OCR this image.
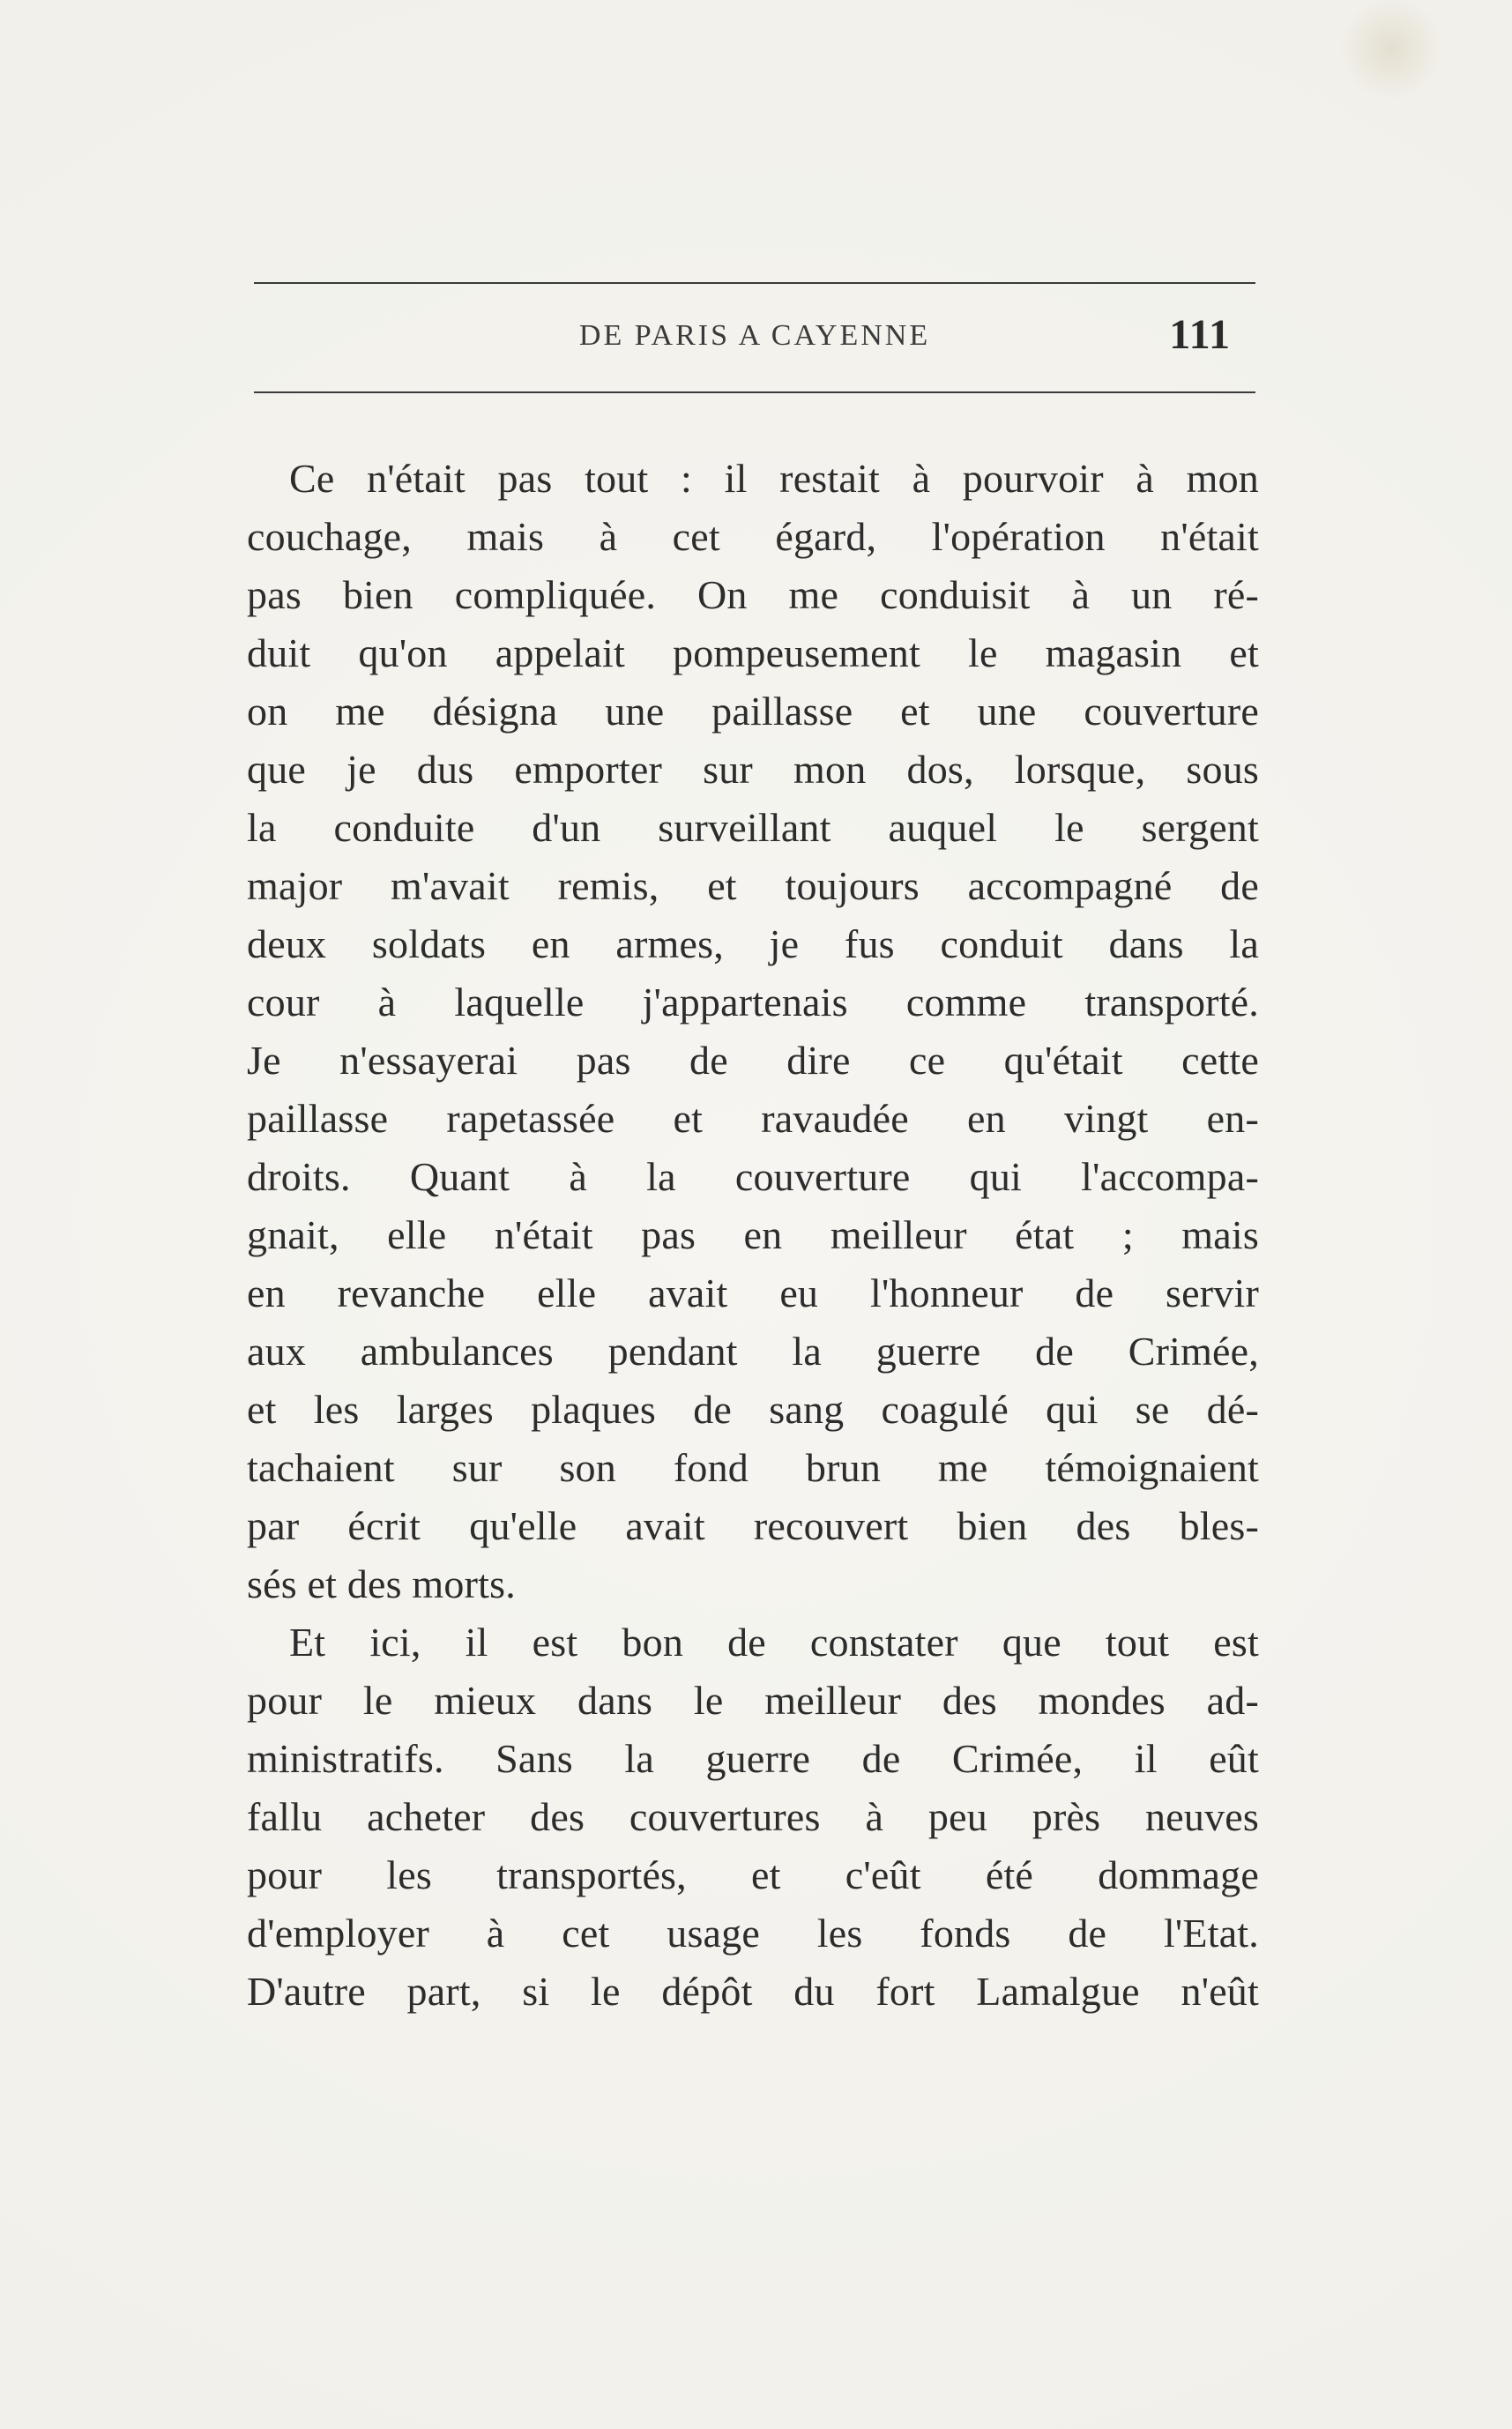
DE PARIS A CAYENNE	111
Ce n'était pas tout : il restait à pourvoir à mon
couchage, mais à cet égard, l'opération n'était
pas bien compliquée. On me conduisit à un ré-
duit qu'on appelait pompeusement le magasin et
on me désigna une paillasse et une couverture
que je dus emporter sur mon dos, lorsque, sous
la conduite d'un surveillant auquel le sergent
major m'avait remis, et toujours accompagné de
deux soldats en armes, je fus conduit dans la
cour à laquelle j'appartenais comme transporté.
Je n'essayerai pas de dire ce qu'était cette
paillasse rapetassée et ravaudée en vingt en-
droits. Quant à la couverture qui l'accompa-
gnait, elle n'était pas en meilleur état ; mais
en revanche elle avait eu l'honneur de servir
aux ambulances pendant la guerre de Crimée,
et les larges plaques de sang coagulé qui se dé-
tachaient sur son fond brun me témoignaient
par écrit qu'elle avait recouvert bien des bles-
sés et des morts.
Et ici, il est bon de constater que tout est
pour le mieux dans le meilleur des mondes ad-
ministratifs. Sans la guerre de Crimée, il eût
fallu acheter des couvertures à peu près neuves
pour les transportés, et c'eût été dommage
d'employer à cet usage les fonds de l'Etat.
D'autre part, si le dépôt du fort Lamalgue n'eût
